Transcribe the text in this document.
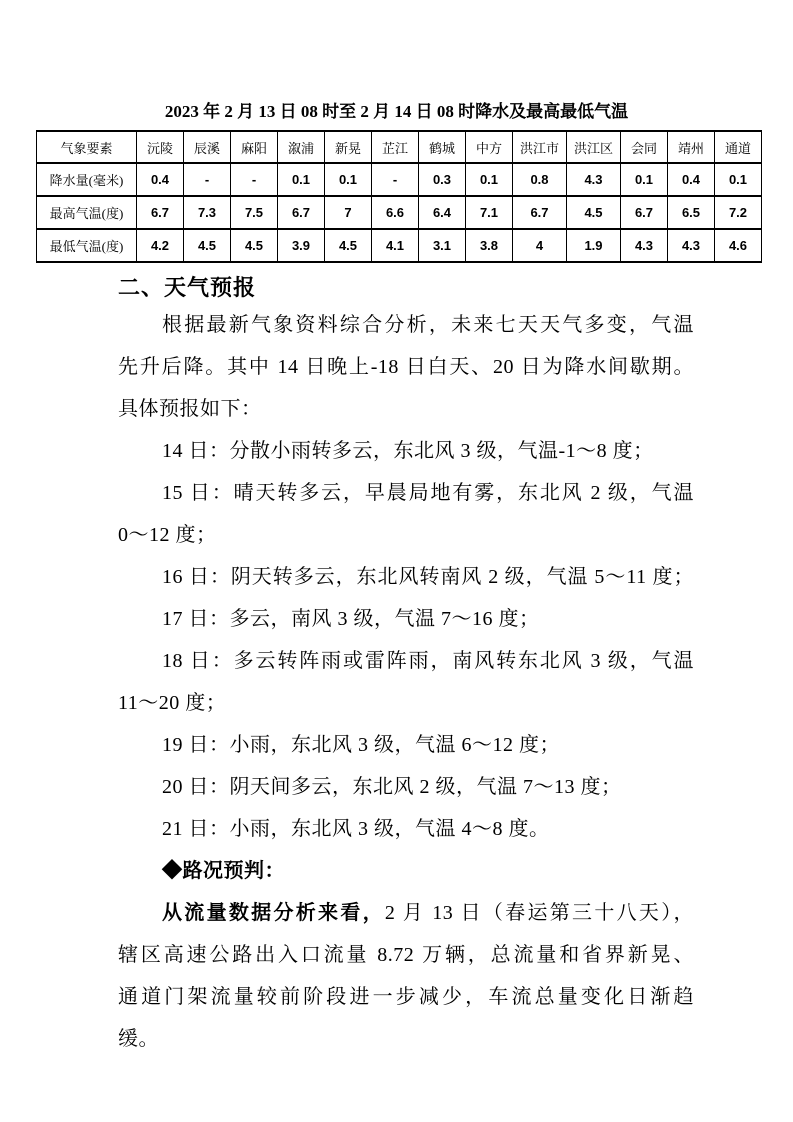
2023 年 2 月 13 日 08 时至 2 月 14 日 08 时降水及最高最低气温
气象要素	沅陵	辰溪	麻阳	溆浦	新晃	芷江	鹤城	中方	洪江市	洪江区	会同	靖州	通道
降水量(毫米)	0.4	-	-	0.1	0.1	-	0.3	0.1	0.8	4.3	0.1	0.4	0.1
最高气温(度)	6.7	7.3	7.5	6.7	7	6.6	6.4	7.1	6.7	4.5	6.7	6.5	7.2
最低气温(度)	4.2	4.5	4.5	3.9	4.5	4.1	3.1	3.8	4	1.9	4.3	4.3	4.6
二、天气预报
根据最新气象资料综合分析，未来七天天气多变，气温
先升后降。其中 14 日晚上-18 日白天、20 日为降水间歇期。
具体预报如下：
14 日：分散小雨转多云，东北风 3 级，气温-1～8 度；
15 日：晴天转多云，早晨局地有雾，东北风 2 级，气温
0～12 度；
16 日：阴天转多云，东北风转南风 2 级，气温 5～11 度；
17 日：多云，南风 3 级，气温 7～16 度；
18 日：多云转阵雨或雷阵雨，南风转东北风 3 级，气温
11～20 度；
19 日：小雨，东北风 3 级，气温 6～12 度；
20 日：阴天间多云，东北风 2 级，气温 7～13 度；
21 日：小雨，东北风 3 级，气温 4～8 度。
◆路况预判：
从流量数据分析来看，2 月 13 日（春运第三十八天），
辖区高速公路出入口流量 8.72 万辆，总流量和省界新晃、
通道门架流量较前阶段进一步减少，车流总量变化日渐趋
缓。
